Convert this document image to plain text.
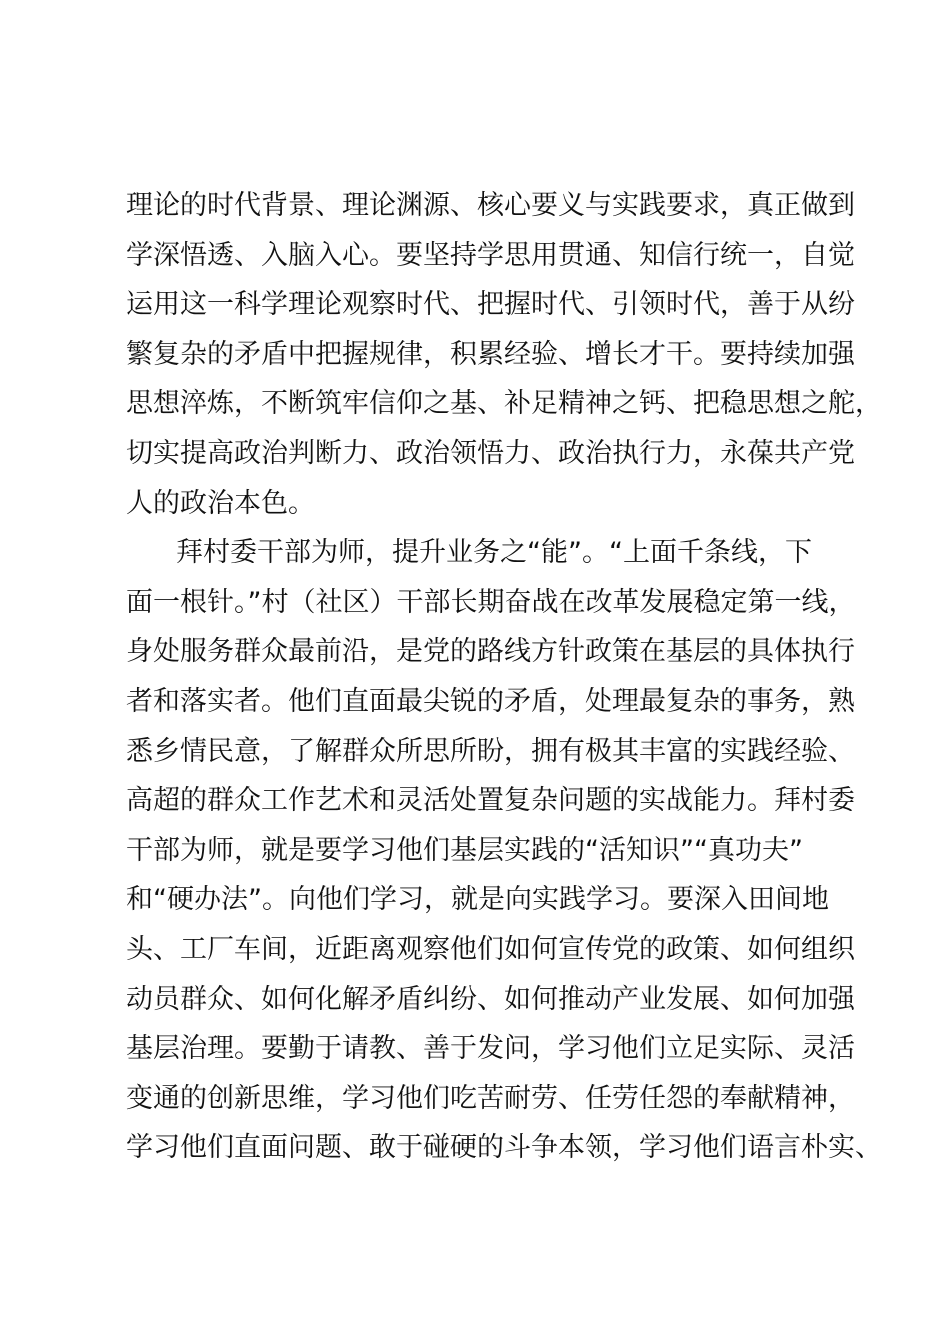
理论的时代背景、理论渊源、核心要义与实践要求，真正做到
学深悟透、入脑入心。要坚持学思用贯通、知信行统一，自觉
运用这一科学理论观察时代、把握时代、引领时代，善于从纷
繁复杂的矛盾中把握规律，积累经验、增长才干。要持续加强
思想淬炼，不断筑牢信仰之基、补足精神之钙、把稳思想之舵，
切实提高政治判断力、政治领悟力、政治执行力，永葆共产党
人的政治本色。
拜村委干部为师，提升业务之“能”。“上面千条线，下
面一根针。”村（社区）干部长期奋战在改革发展稳定第一线，
身处服务群众最前沿，是党的路线方针政策在基层的具体执行
者和落实者。他们直面最尖锐的矛盾，处理最复杂的事务，熟
悉乡情民意，了解群众所思所盼，拥有极其丰富的实践经验、
高超的群众工作艺术和灵活处置复杂问题的实战能力。拜村委
干部为师，就是要学习他们基层实践的“活知识”“真功夫”
和“硬办法”。向他们学习，就是向实践学习。要深入田间地
头、工厂车间，近距离观察他们如何宣传党的政策、如何组织
动员群众、如何化解矛盾纠纷、如何推动产业发展、如何加强
基层治理。要勤于请教、善于发问，学习他们立足实际、灵活
变通的创新思维，学习他们吃苦耐劳、任劳任怨的奉献精神，
学习他们直面问题、敢于碰硬的斗争本领，学习他们语言朴实、
